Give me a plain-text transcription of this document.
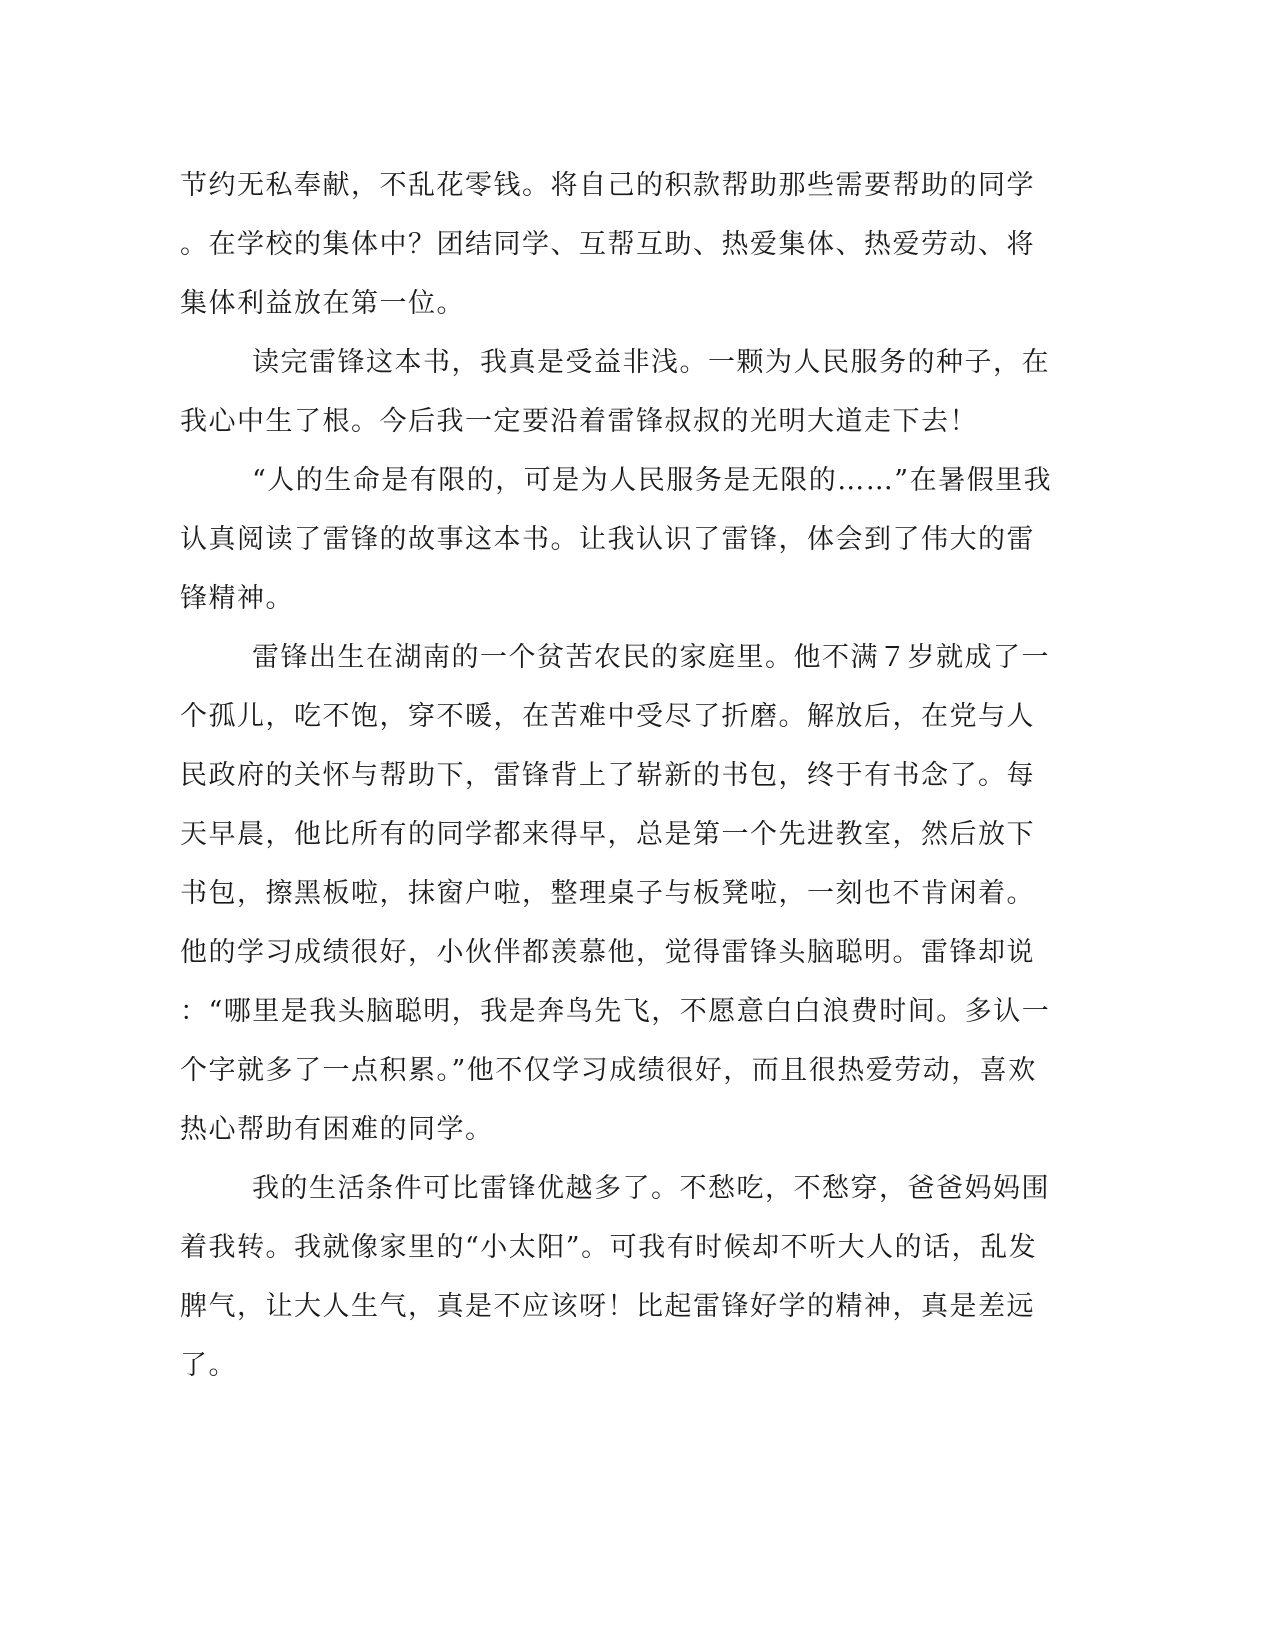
节约无私奉献，不乱花零钱。将自己的积款帮助那些需要帮助的同学
。在学校的集体中？团结同学、互帮互助、热爱集体、热爱劳动、将
集体利益放在第一位。
读完雷锋这本书，我真是受益非浅。一颗为人民服务的种子，在
我心中生了根。今后我一定要沿着雷锋叔叔的光明大道走下去！
“人的生命是有限的，可是为人民服务是无限的……”在暑假里我
认真阅读了雷锋的故事这本书。让我认识了雷锋，体会到了伟大的雷
锋精神。
雷锋出生在湖南的一个贫苦农民的家庭里。他不满７岁就成了一
个孤儿，吃不饱，穿不暖，在苦难中受尽了折磨。解放后，在党与人
民政府的关怀与帮助下，雷锋背上了崭新的书包，终于有书念了。每
天早晨，他比所有的同学都来得早，总是第一个先进教室，然后放下
书包，擦黑板啦，抹窗户啦，整理桌子与板凳啦，一刻也不肯闲着。
他的学习成绩很好，小伙伴都羡慕他，觉得雷锋头脑聪明。雷锋却说
：“哪里是我头脑聪明，我是奔鸟先飞，不愿意白白浪费时间。多认一
个字就多了一点积累。”他不仅学习成绩很好，而且很热爱劳动，喜欢
热心帮助有困难的同学。
我的生活条件可比雷锋优越多了。不愁吃，不愁穿，爸爸妈妈围
着我转。我就像家里的“小太阳”。可我有时候却不听大人的话，乱发
脾气，让大人生气，真是不应该呀！比起雷锋好学的精神，真是差远
了。
